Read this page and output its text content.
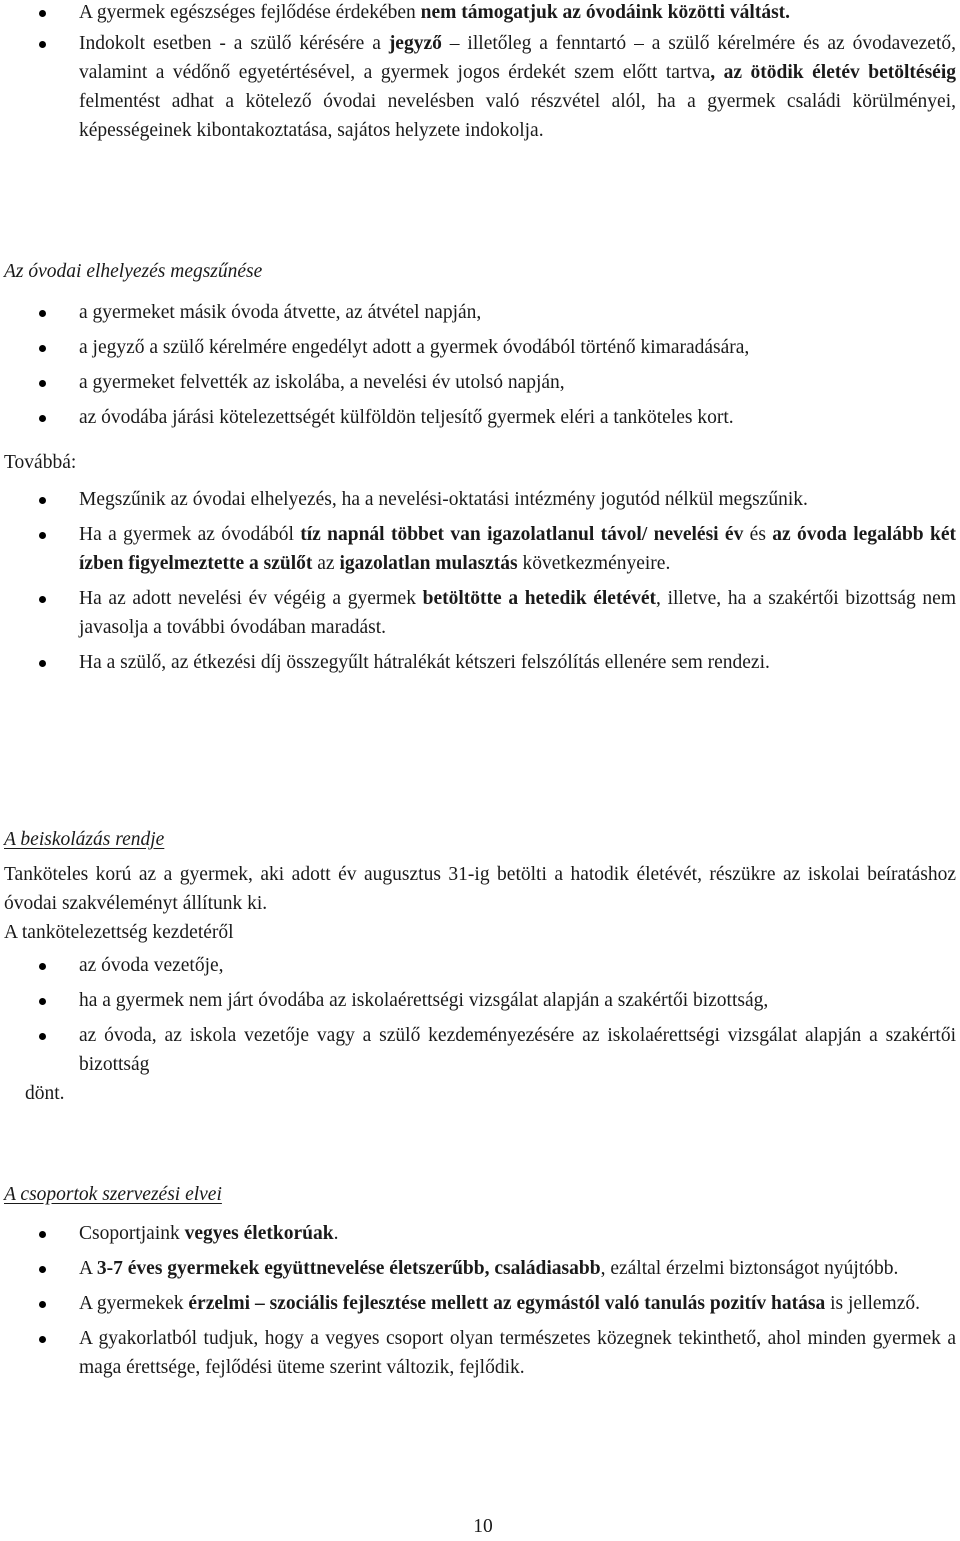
A gyermek egészséges fejlődése érdekében nem támogatjuk az óvodáink közötti váltást.
Indokolt esetben - a szülő kérésére a jegyző – illetőleg a fenntartó – a szülő kérelmére és az óvodavezető, valamint a védőnő egyetértésével, a gyermek jogos érdekét szem előtt tartva, az ötödik életév betöltéséig felmentést adhat a kötelező óvodai nevelésben való részvétel alól, ha a gyermek családi körülményei, képességeinek kibontakoztatása, sajátos helyzete indokolja.

Az óvodai elhelyezés megszűnése

a gyermeket másik óvoda átvette, az átvétel napján,
a jegyző a szülő kérelmére engedélyt adott a gyermek óvodából történő kimaradására,
a gyermeket felvették az iskolába, a nevelési év utolsó napján,
az óvodába járási kötelezettségét külföldön teljesítő gyermek eléri a tanköteles kort.

Továbbá:

Megszűnik az óvodai elhelyezés, ha a nevelési-oktatási intézmény jogutód nélkül megszűnik.
Ha a gyermek az óvodából tíz napnál többet van igazolatlanul távol/ nevelési év és az óvoda legalább két ízben figyelmeztette a szülőt az igazolatlan mulasztás következményeire.
Ha az adott nevelési év végéig a gyermek betöltötte a hetedik életévét, illetve, ha a szakértői bizottság nem javasolja a további óvodában maradást.
Ha a szülő, az étkezési díj összegyűlt hátralékát kétszeri felszólítás ellenére sem rendezi.

A beiskolázás rendje

Tanköteles korú az a gyermek, aki adott év augusztus 31-ig betölti a hatodik életévét, részükre az iskolai beíratáshoz óvodai szakvéleményt állítunk ki.

A tankötelezettség kezdetéről

az óvoda vezetője,
ha a gyermek nem járt óvodába az iskolaérettségi vizsgálat alapján a szakértői bizottság,
az óvoda, az iskola vezetője vagy a szülő kezdeményezésére az iskolaérettségi vizsgálat alapján a szakértői bizottság

dönt.

A csoportok szervezési elvei

Csoportjaink vegyes életkorúak.
A 3-7 éves gyermekek együttnevelése életszerűbb, családiasabb, ezáltal érzelmi biztonságot nyújtóbb.
A gyermekek érzelmi – szociális fejlesztése mellett az egymástól való tanulás pozitív hatása is jellemző.
A gyakorlatból tudjuk, hogy a vegyes csoport olyan természetes közegnek tekinthető, ahol minden gyermek a maga érettsége, fejlődési üteme szerint változik, fejlődik.
10
